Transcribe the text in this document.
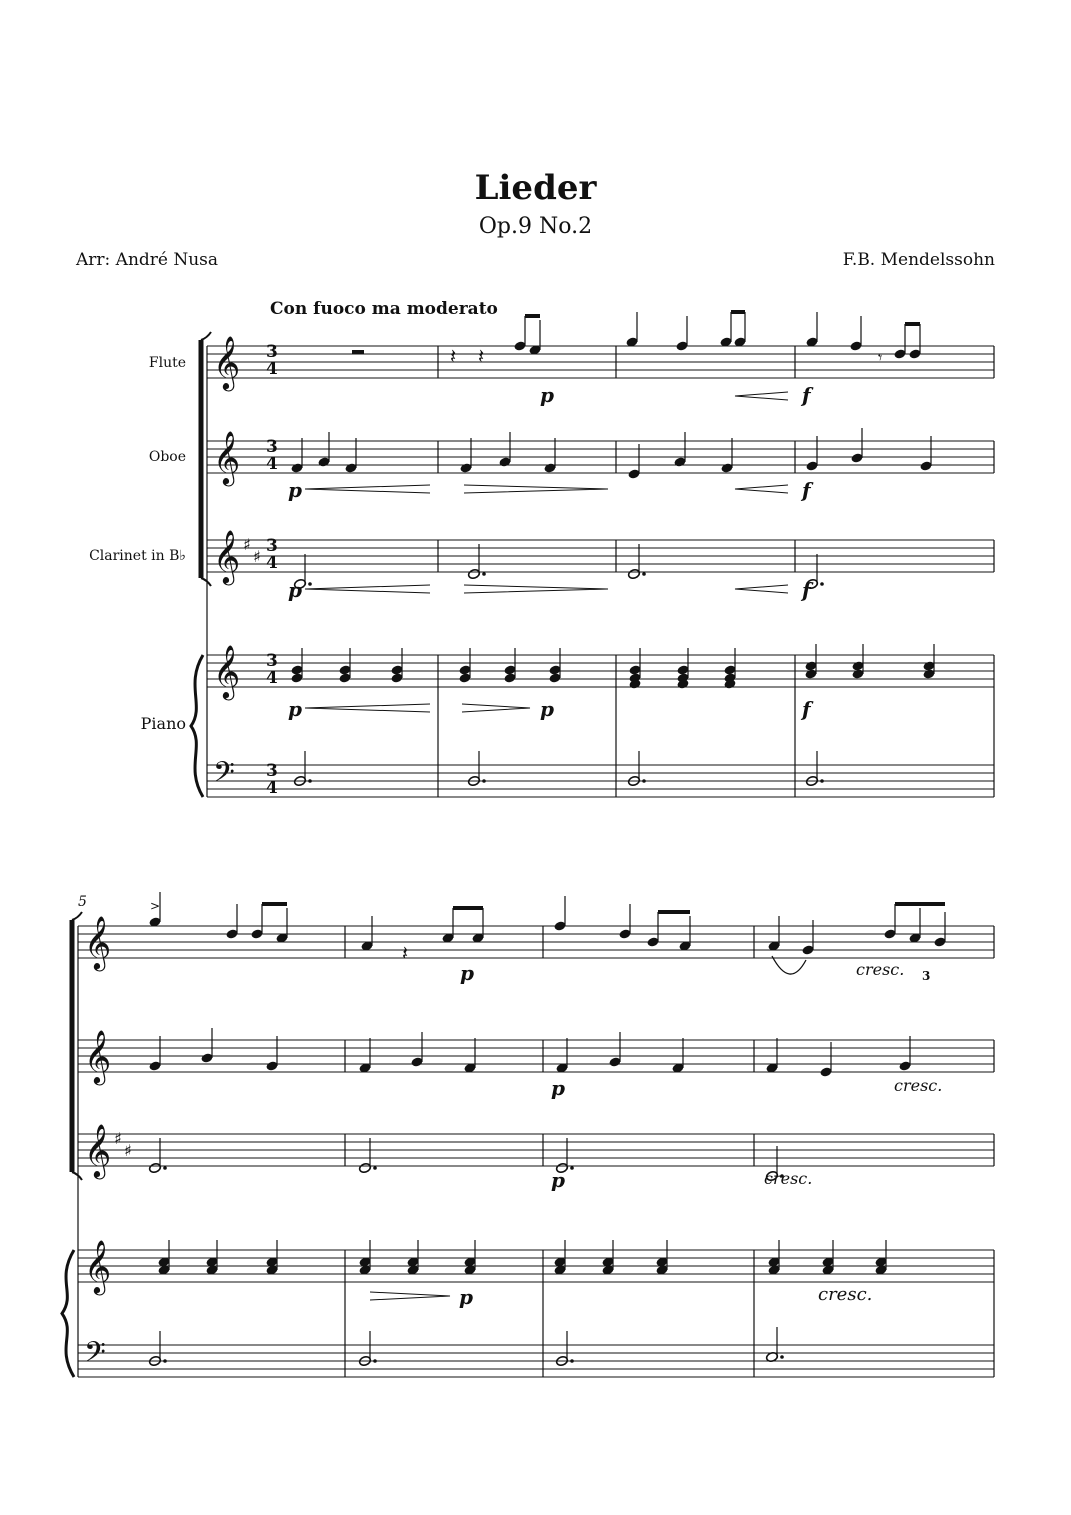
Lieder
Op.9 No.2
Arr: André Nusa	F.B. Mendelssohn
Con fuoco ma moderato
𝄞
𝄞
𝄞 ♯
♯
𝄞
𝄢
𝄞
𝄞
𝄞 ♯
♯
𝄞
𝄢
𝄽 𝄽	𝄾
>
𝄽
Flute
Oboe
Clarinet in B♭
Piano
3
4
3
4
3
4
3
4
3
4
5
p	f
p	f
p	f
p	p	f
p	cresc. 3
p	cresc.
p	cresc.
p	cresc.
